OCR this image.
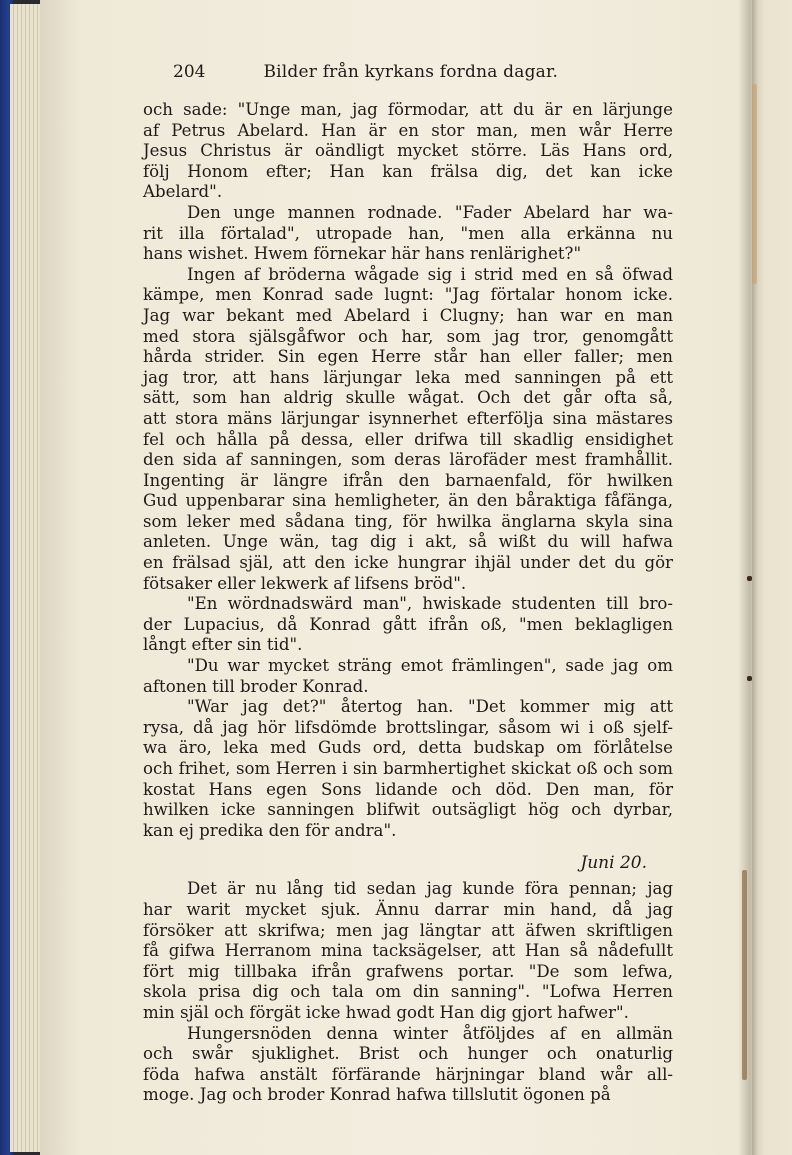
204	Bilder från kyrkans fordna dagar.
och sade: "Unge man, jag förmodar, att du är en lärjunge
af Petrus Abelard. Han är en stor man, men wår Herre
Jesus Christus är oändligt mycket större. Läs Hans ord,
följ Honom efter; Han kan frälsa dig, det kan icke
Abelard".
Den unge mannen rodnade. "Fader Abelard har wa-
rit illa förtalad", utropade han, "men alla erkänna nu
hans wishet. Hwem förnekar här hans renlärighet?"
Ingen af bröderna wågade sig i strid med en så öfwad
kämpe, men Konrad sade lugnt: "Jag förtalar honom icke.
Jag war bekant med Abelard i Clugny; han war en man
med stora själsgåfwor och har, som jag tror, genomgått
hårda strider. Sin egen Herre står han eller faller; men
jag tror, att hans lärjungar leka med sanningen på ett
sätt, som han aldrig skulle wågat. Och det går ofta så,
att stora mäns lärjungar isynnerhet efterfölja sina mästares
fel och hålla på dessa, eller drifwa till skadlig ensidighet
den sida af sanningen, som deras lärofäder mest framhållit.
Ingenting är längre ifrån den barnaenfald, för hwilken
Gud uppenbarar sina hemligheter, än den båraktiga fåfänga,
som leker med sådana ting, för hwilka änglarna skyla sina
anleten. Unge wän, tag dig i akt, så wißt du will hafwa
en frälsad själ, att den icke hungrar ihjäl under det du gör
fötsaker eller lekwerk af lifsens bröd".
"En wördnadswärd man", hwiskade studenten till bro-
der Lupacius, då Konrad gått ifrån oß, "men beklagligen
långt efter sin tid".
"Du war mycket sträng emot främlingen", sade jag om
aftonen till broder Konrad.
"War jag det?" återtog han. "Det kommer mig att
rysa, då jag hör lifsdömde brottslingar, såsom wi i oß sjelf-
wa äro, leka med Guds ord, detta budskap om förlåtelse
och frihet, som Herren i sin barmhertighet skickat oß och som
kostat Hans egen Sons lidande och död. Den man, för
hwilken icke sanningen blifwit outsägligt hög och dyrbar,
kan ej predika den för andra".
Juni 20.
Det är nu lång tid sedan jag kunde föra pennan; jag
har warit mycket sjuk. Ännu darrar min hand, då jag
försöker att skrifwa; men jag längtar att äfwen skriftligen
få gifwa Herranom mina tacksägelser, att Han så nådefullt
fört mig tillbaka ifrån grafwens portar. "De som lefwa,
skola prisa dig och tala om din sanning". "Lofwa Herren
min själ och förgät icke hwad godt Han dig gjort hafwer".
Hungersnöden denna winter åtföljdes af en allmän
och swår sjuklighet. Brist och hunger och onaturlig
föda hafwa anstält förfärande härjningar bland wår all-
moge. Jag och broder Konrad hafwa tillslutit ögonen på
